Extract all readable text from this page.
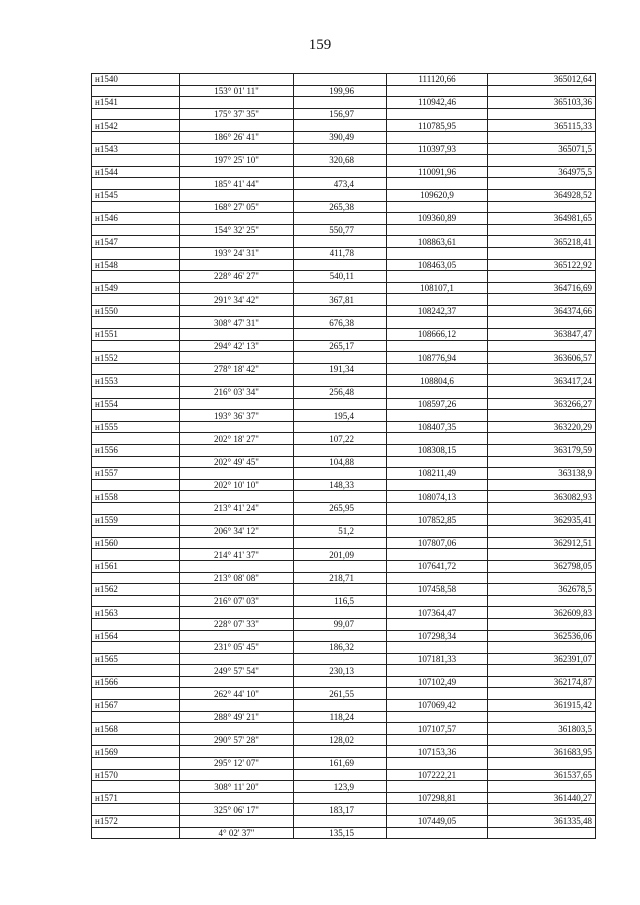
159
н1540			111120,66	365012,64
	153° 01' 11"	199,96		
н1541			110942,46	365103,36
	175° 37' 35"	156,97		
н1542			110785,95	365115,33
	186° 26' 41"	390,49		
н1543			110397,93	365071,5
	197° 25' 10"	320,68		
н1544			110091,96	364975,5
	185° 41' 44"	473,4		
н1545			109620,9	364928,52
	168° 27' 05"	265,38		
н1546			109360,89	364981,65
	154° 32' 25"	550,77		
н1547			108863,61	365218,41
	193° 24' 31"	411,78		
н1548			108463,05	365122,92
	228° 46' 27"	540,11		
н1549			108107,1	364716,69
	291° 34' 42"	367,81		
н1550			108242,37	364374,66
	308° 47' 31"	676,38		
н1551			108666,12	363847,47
	294° 42' 13"	265,17		
н1552			108776,94	363606,57
	278° 18' 42"	191,34		
н1553			108804,6	363417,24
	216° 03' 34"	256,48		
н1554			108597,26	363266,27
	193° 36' 37"	195,4		
н1555			108407,35	363220,29
	202° 18' 27"	107,22		
н1556			108308,15	363179,59
	202° 49' 45"	104,88		
н1557			108211,49	363138,9
	202° 10' 10"	148,33		
н1558			108074,13	363082,93
	213° 41' 24"	265,95		
н1559			107852,85	362935,41
	206° 34' 12"	51,2		
н1560			107807,06	362912,51
	214° 41' 37"	201,09		
н1561			107641,72	362798,05
	213° 08' 08"	218,71		
н1562			107458,58	362678,5
	216° 07' 03"	116,5		
н1563			107364,47	362609,83
	228° 07' 33"	99,07		
н1564			107298,34	362536,06
	231° 05' 45"	186,32		
н1565			107181,33	362391,07
	249° 57' 54"	230,13		
н1566			107102,49	362174,87
	262° 44' 10"	261,55		
н1567			107069,42	361915,42
	288° 49' 21"	118,24		
н1568			107107,57	361803,5
	290° 57' 28"	128,02		
н1569			107153,36	361683,95
	295° 12' 07"	161,69		
н1570			107222,21	361537,65
	308° 11' 20"	123,9		
н1571			107298,81	361440,27
	325° 06' 17"	183,17		
н1572			107449,05	361335,48
	4° 02' 37"	135,15		
